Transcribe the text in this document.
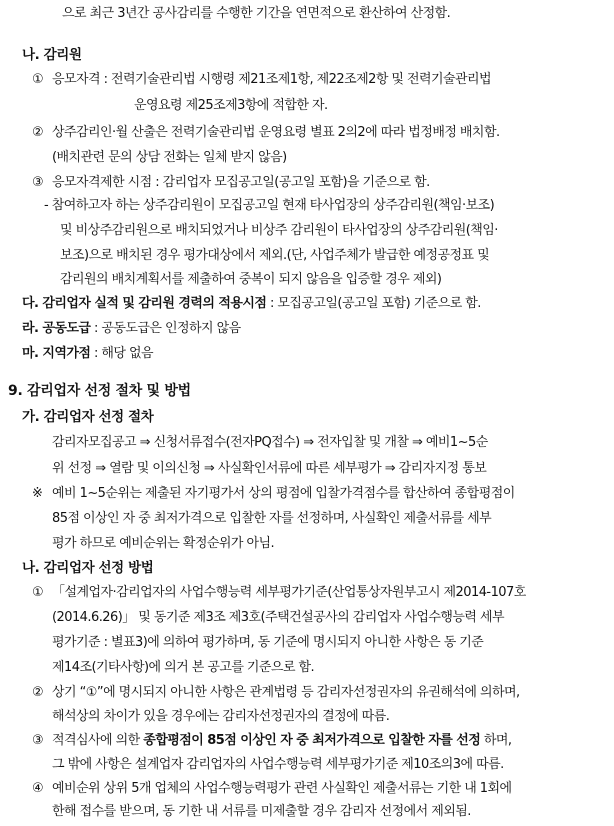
으로 최근 3년간 공사감리를 수행한 기간을 연면적으로 환산하여 산정함.
나. 감리원
① 응모자격 : 전력기술관리법 시행령 제21조제1항, 제22조제2항 및 전력기술관리법
운영요령 제25조제3항에 적합한 자.
② 상주감리인·월 산출은 전력기술관리법 운영요령 별표 2의2에 따라 법정배정 배치함.
(배치관련 문의 상담 전화는 일체 받지 않음)
③ 응모자격제한 시점 : 감리업자 모집공고일(공고일 포함)을 기준으로 함.
- 참여하고자 하는 상주감리원이 모집공고일 현재 타사업장의 상주감리원(책임·보조)
및 비상주감리원으로 배치되었거나 비상주 감리원이 타사업장의 상주감리원(책임·
보조)으로 배치된 경우 평가대상에서 제외.(단, 사업주체가 발급한 예정공정표 및
감리원의 배치계획서를 제출하여 중복이 되지 않음을 입증할 경우 제외)
다. 감리업자 실적 및 감리원 경력의 적용시점 : 모집공고일(공고일 포함) 기준으로 함.
라. 공동도급 : 공동도급은 인정하지 않음
마. 지역가점 : 해당 없음
9. 감리업자 선정 절차 및 방법
가. 감리업자 선정 절차
감리자모집공고 ⇒ 신청서류접수(전자PQ접수) ⇒ 전자입찰 및 개찰 ⇒ 예비1~5순
위 선정 ⇒ 열람 및 이의신청 ⇒ 사실확인서류에 따른 세부평가 ⇒ 감리자지정 통보
※ 예비 1~5순위는 제출된 자기평가서 상의 평점에 입찰가격점수를 합산하여 종합평점이
85점 이상인 자 중 최저가격으로 입찰한 자를 선정하며, 사실확인 제출서류를 세부
평가 하므로 예비순위는 확정순위가 아님.
나. 감리업자 선정 방법
① 「설계업자·감리업자의 사업수행능력 세부평가기준(산업통상자원부고시 제2014-107호
(2014.6.26)」 및 동기준 제3조 제3호(주택건설공사의 감리업자 사업수행능력 세부
평가기준 : 별표3)에 의하여 평가하며, 동 기준에 명시되지 아니한 사항은 동 기준
제14조(기타사항)에 의거 본 공고를 기준으로 함.
② 상기 “①”에 명시되지 아니한 사항은 관계법령 등 감리자선정권자의 유권해석에 의하며,
해석상의 차이가 있을 경우에는 감리자선정권자의 결정에 따름.
③ 적격심사에 의한 종합평점이 85점 이상인 자 중 최저가격으로 입찰한 자를 선정 하며,
그 밖에 사항은 설계업자 감리업자의 사업수행능력 세부평가기준 제10조의3에 따름.
④ 예비순위 상위 5개 업체의 사업수행능력평가 관련 사실확인 제출서류는 기한 내 1회에
한해 접수를 받으며, 동 기한 내 서류를 미제출할 경우 감리자 선정에서 제외됨.
